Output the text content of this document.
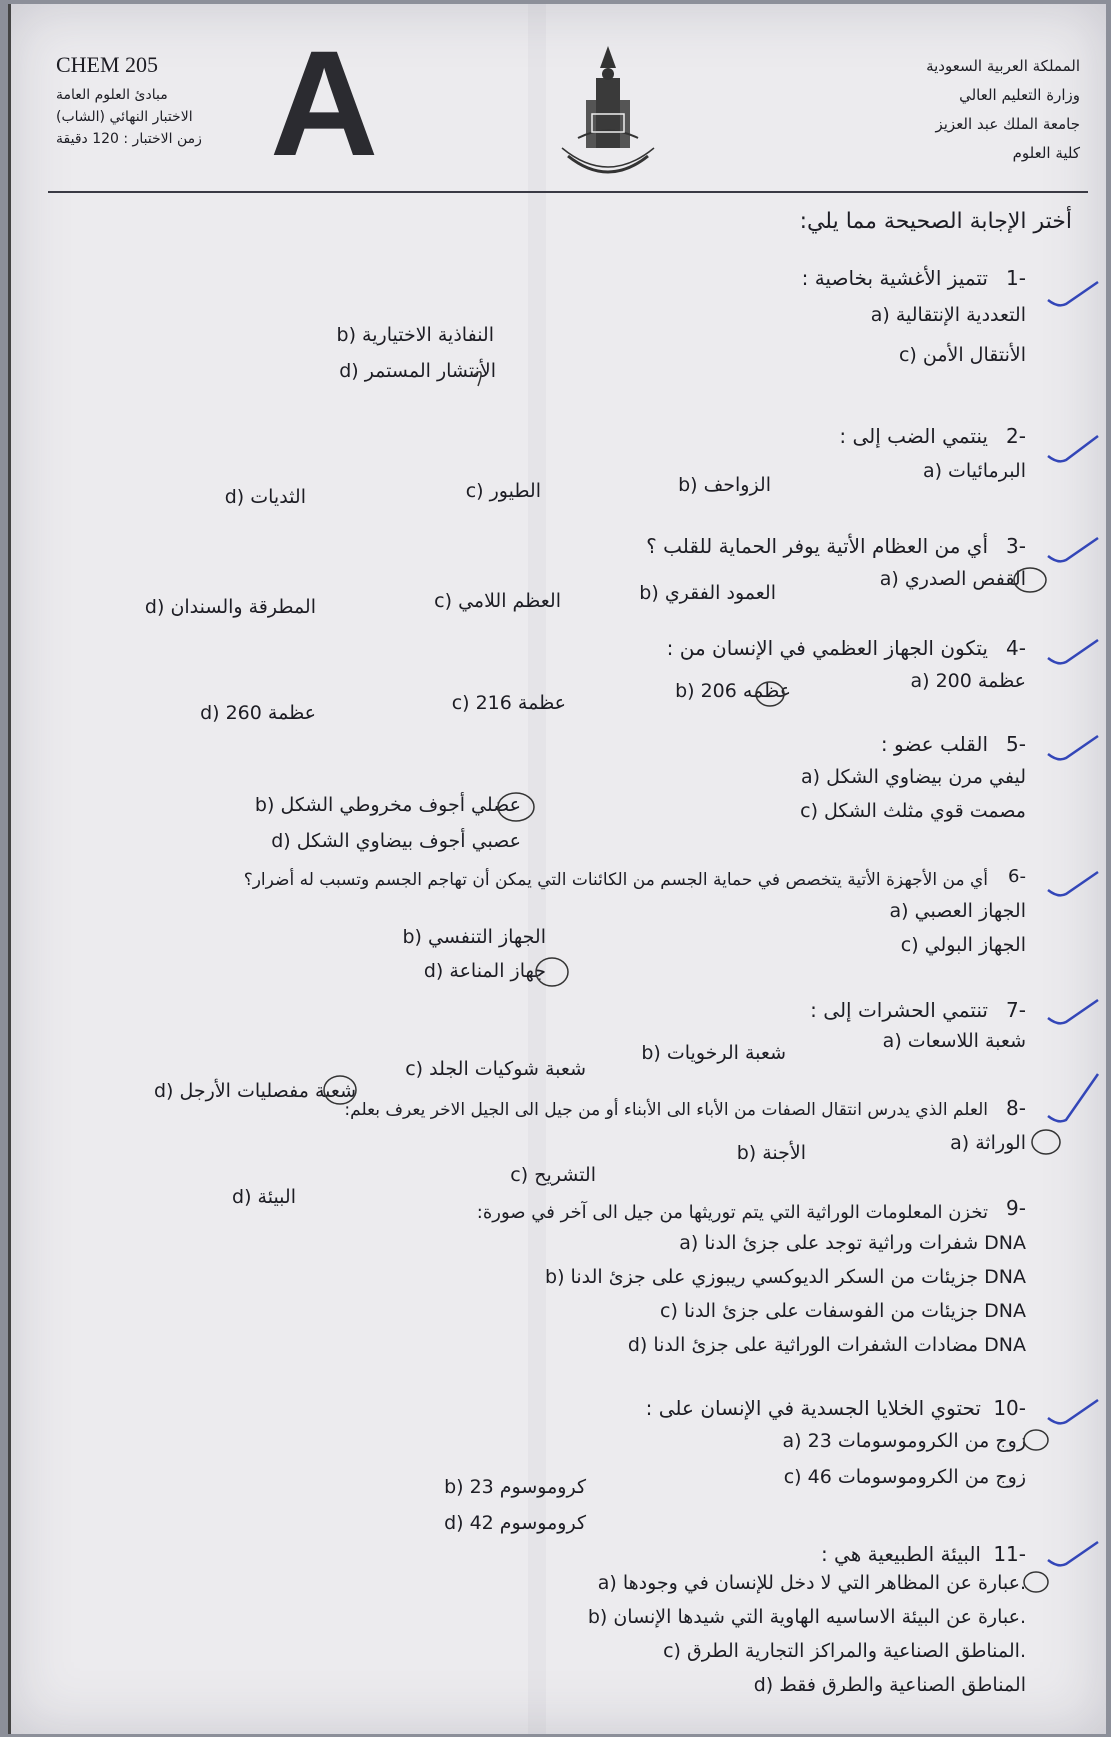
CHEM 205
مبادئ العلوم العامة
الاختبار النهائي (الشاب)
زمن الاختبار : 120 دقيقة A	المملكة العربية السعودية
وزارة التعليم العالي
جامعة الملك عبد العزيز
كلية العلوم
أختر الإجابة الصحيحة مما يلي:
1-
تتميز الأغشية بخاصية :
a) التعددية الإنتقالية
c) الأنتقال الأمن
b) النفاذية الاختيارية
d) الأنتشار المستمر
2-
ينتمي الضب إلى :
a) البرمائيات
b) الزواحف
c) الطيور
d) الثديات
3-
أي من العظام الأتية يوفر الحماية للقلب ؟
a) القفص الصدري
b) العمود الفقري
c) العظم اللامي
d) المطرقة والسندان
4-
يتكون الجهاز العظمي في الإنسان من :
a) 200 عظمة
b) 206 عظمه
c) 216 عظمة
d) 260 عظمة
5-
القلب عضو :
a) ليفي مرن بيضاوي الشكل
c) مصمت قوي مثلث الشكل
b) عضلي أجوف مخروطي الشكل
d) عصبي أجوف بيضاوي الشكل
6-
أي من الأجهزة الأتية يتخصص في حماية الجسم من الكائنات التي يمكن أن تهاجم الجسم وتسبب له أضرار؟
a) الجهاز العصبي
c) الجهاز البولي
b) الجهاز التنفسي
d) جهاز المناعة
7-
تنتمي الحشرات إلى :
a) شعبة اللاسعات
b) شعبة الرخويات
c) شعبة شوكيات الجلد
d) شعبة مفصليات الأرجل
8-
العلم الذي يدرس انتقال الصفات من الأباء الى الأبناء أو من جيل الى الجيل الاخر يعرف بعلم:
a) الوراثة
b) الأجنة
c) التشريح
d) البيئة	9-
تخزن المعلومات الوراثية التي يتم توريثها من جيل الى آخر في صورة:
a) شفرات وراثية توجد على جزئ الدنا DNA
b) جزيئات من السكر الديوكسي ريبوزي على جزئ الدنا DNA
c) جزيئات من الفوسفات على جزئ الدنا DNA
d) مضادات الشفرات الوراثية على جزئ الدنا DNA
10-
تحتوي الخلايا الجسدية في الإنسان على :
a) 23 زوج من الكروموسومات
c) 46 زوج من الكروموسومات
b) 23 كروموسوم
d) 42 كروموسوم
11-
البيئة الطبيعية هي :
a) عبارة عن المظاهر التي لا دخل للإنسان في وجودها.
b) عبارة عن البيئة الاساسيه الهاوية التي شيدها الإنسان.
c) المناطق الصناعية والمراكز التجارية الطرق.
d) المناطق الصناعية والطرق فقط
